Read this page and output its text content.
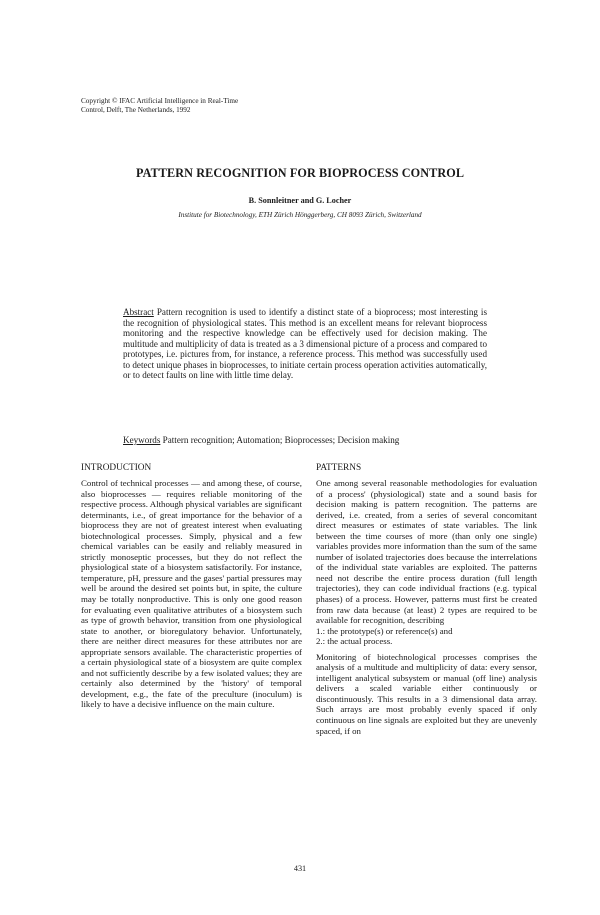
Copyright © IFAC Artificial Intelligence in Real-Time
Control, Delft, The Netherlands, 1992
PATTERN RECOGNITION FOR BIOPROCESS CONTROL
B. Sonnleitner and G. Locher
Institute for Biotechnology, ETH Zürich Hönggerberg, CH 8093 Zürich, Switzerland

Abstract Pattern recognition is used to identify a distinct state of a bioprocess; most interesting is the recognition of physiological states. This method is an excellent means for relevant bioprocess monitoring and the respective knowledge can be effectively used for decision making. The multitude and multiplicity of data is treated as a 3 dimensional picture of a process and compared to prototypes, i.e. pictures from, for instance, a reference process. This method was successfully used to detect unique phases in bioprocesses, to initiate certain process operation activities automatically, or to detect faults on line with little time delay.

Keywords Pattern recognition; Automation; Bioprocesses; Decision making

INTRODUCTION

Control of technical processes — and among these, of course, also bioprocesses — requires reliable monitoring of the respective process. Although physical variables are significant determinants, i.e., of great importance for the behavior of a bioprocess they are not of greatest interest when evaluating biotechnological processes. Simply, physical and a few chemical variables can be easily and reliably measured in strictly monoseptic processes, but they do not reflect the physiological state of a biosystem satisfactorily. For instance, temperature, pH, pressure and the gases' partial pressures may well be around the desired set points but, in spite, the culture may be totally nonproductive. This is only one good reason for evaluating even qualitative attributes of a biosystem such as type of growth behavior, transition from one physiological state to another, or bioregulatory behavior. Unfortunately, there are neither direct measures for these attributes nor are appropriate sensors available. The characteristic properties of a certain physiological state of a biosystem are quite complex and not sufficiently describe by a few isolated values; they are certainly also determined by the 'history' of temporal development, e.g., the fate of the preculture (inoculum) is likely to have a decisive influence on the main culture.

PATTERNS

One among several reasonable methodologies for evaluation of a process' (physiological) state and a sound basis for decision making is pattern recognition. The patterns are derived, i.e. created, from a series of several concomitant direct measures or estimates of state variables. The link between the time courses of more (than only one single) variables provides more information than the sum of the same number of isolated trajectories does because the interrelations of the individual state variables are exploited. The patterns need not describe the entire process duration (full length trajectories), they can code individual fractions (e.g. typical phases) of a process. However, patterns must first be created from raw data because (at least) 2 types are required to be available for recognition, describing

1.: the prototype(s) or reference(s) and

2.: the actual process.

Monitoring of biotechnological processes comprises the analysis of a multitude and multiplicity of data: every sensor, intelligent analytical subsystem or manual (off line) analysis delivers a scaled variable either continuously or discontinuously. This results in a 3 dimensional data array. Such arrays are most probably evenly spaced if only continuous on line signals are exploited but they are unevenly spaced, if on

431
